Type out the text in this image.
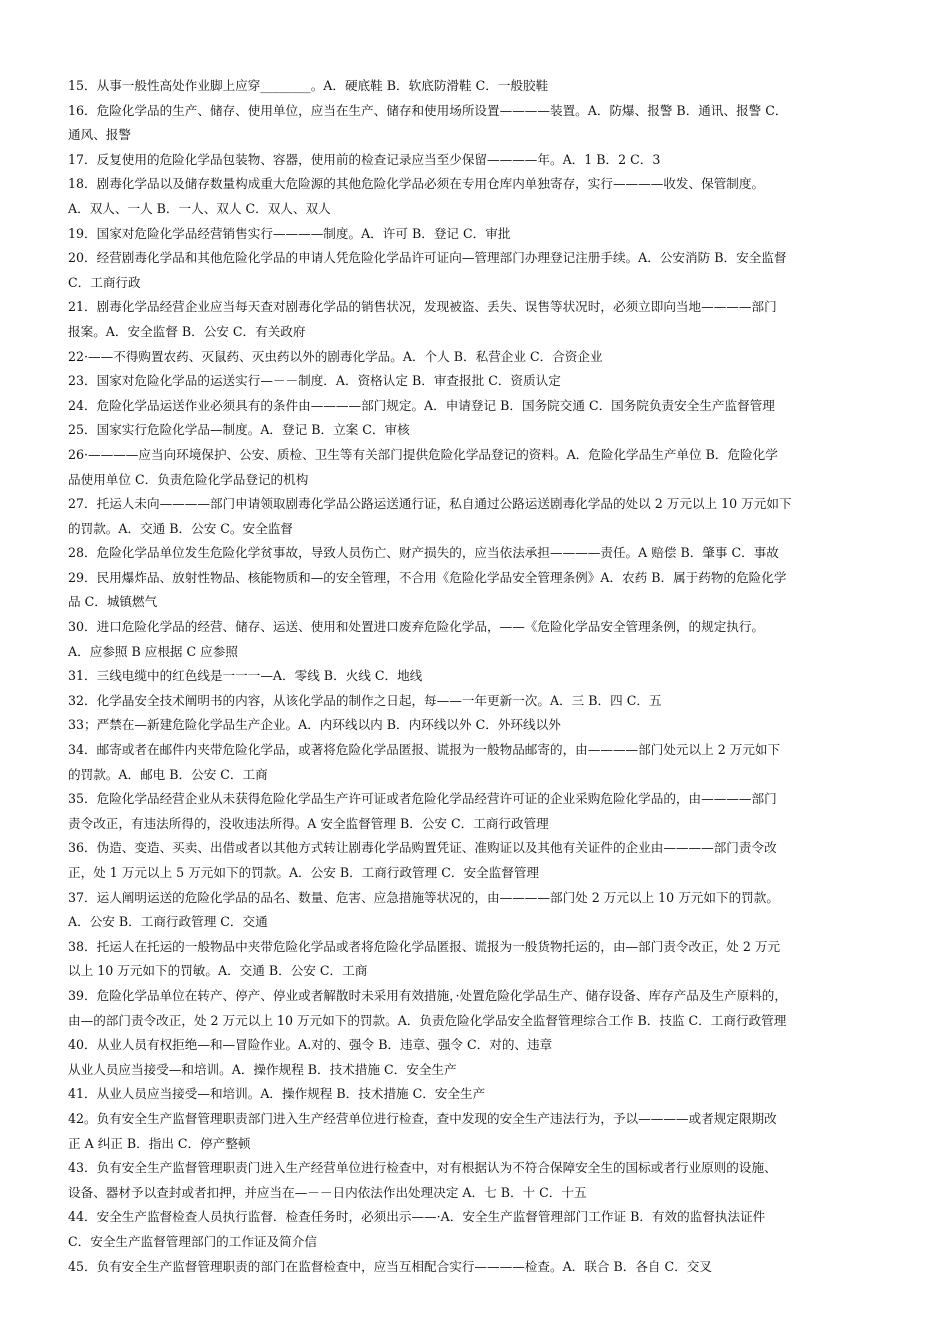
15．从事一般性高处作业脚上应穿________。A．硬底鞋 B．软底防滑鞋 C．一般胶鞋

16．危险化学品的生产、储存、使用单位，应当在生产、储存和使用场所设置————装置。A．防爆、报警 B．通讯、报警 C．

通风、报警

17．反复使用的危险化学品包装物、容器，使用前的检查记录应当至少保留————年。A．1 B．2 C．3

18．剧毒化学品以及储存数量构成重大危险源的其他危险化学品必须在专用仓库内单独寄存，实行————收发、保管制度。

A．双人、一人 B．一人、双人 C．双人、双人

19．国家对危险化学品经营销售实行————制度。A．许可 B．登记 C．审批

20．经营剧毒化学品和其他危险化学品的申请人凭危险化学品许可证向—管理部门办理登记注册手续。A．公安消防 B．安全监督

C．工商行政

21．剧毒化学品经营企业应当每天查对剧毒化学品的销售状况，发现被盗、丢失、误售等状况时，必须立即向当地————部门

报案。A．安全监督 B．公安 C．有关政府

22·——不得购置农药、灭鼠药、灭虫药以外的剧毒化学品。A．个人 B．私营企业 C．合资企业

23．国家对危险化学品的运送实行—－－制度．A．资格认定 B．审查报批 C．资质认定

24．危险化学品运送作业必须具有的条件由————部门规定。A．申请登记 B．国务院交通 C．国务院负责安全生产监督管理

25．国家实行危险化学品—制度。A．登记 B．立案 C．审核

26·————应当向环境保护、公安、质检、卫生等有关部门提供危险化学品登记的资料。A．危险化学品生产单位 B．危险化学

品使用单位 C．负责危险化学品登记的机构

27．托运人未向————部门申请领取剧毒化学品公路运送通行证，私自通过公路运送剧毒化学品的处以 2 万元以上 10 万元如下

的罚款。A．交通 B．公安 C。安全监督

28．危险化学品单位发生危险化学贫事故，导致人员伤亡、财产损失的，应当依法承担————责任。A 赔偿 B．肇事 C．事故

29．民用爆炸品、放射性物品、核能物质和—的安全管理，不合用《危险化学品安全管理条例》A．农药 B．属于药物的危险化学

品 C．城镇燃气

30．进口危险化学品的经营、储存、运送、使用和处置进口废弃危险化学品，——《危险化学品安全管理条例，的规定执行。

A．应参照 B 应根据 C 应参照

31．三线电缆中的红色线是一一一—A．零线 B．火线 C．地线

32．化学晶安全技术阐明书的内容，从该化学品的制作之日起，每——一年更新一次。A．三 B．四 C．五

33；严禁在—新建危险化学品生产企业。A．内环线以内 B．内环线以外 C．外环线以外

34．邮寄或者在邮件内夹带危险化学品，或著将危险化学品匿报、谎报为一般物品邮寄的，由————部门处元以上 2 万元如下

的罚款。A．邮电 B．公安 C．工商

35．危险化学品经营企业从未获得危险化学品生产许可证或者危险化学品经营许可证的企业采购危险化学品的，由————部门

责令改正，有违法所得的，没收违法所得。A 安全监督管理 B．公安 C．工商行政管理

36．伪造、变造、买卖、出借或者以其他方式转让剧毒化学品购置凭证、准购证以及其他有关证件的企业由————部门责令改

正，处 1 万元以上 5 万元如下的罚款。A．公安 B．工商行政管理 C．安全监督管理

37．运人阐明运送的危险化学品的品名、数量、危害、应急措施等状况的，由————部门处 2 万元以上 10 万元如下的罚款。

A．公安 B．工商行政管理 C．交通

38．托运人在托运的一般物品中夹带危险化学品或者将危险化学品匿报、谎报为一般货物托运的，由—部门责令改正，处 2 万元

以上 10 万元如下的罚敏。A．交通 B．公安 C．工商

39．危险化学品单位在转产、停产、停业或者解散时未采用有效措施，·处置危险化学品生产、储存设备、库存产品及生产原料的，

由—的部门责令改正，处 2 万元以上 10 万元如下的罚款。A．负责危险化学品安全监督管理综合工作 B．技监 C．工商行政管理

40．从业人员有权拒绝—和—冒险作业。A.对的、强令 B．违章、强令 C．对的、违章

从业人员应当接受—和培训。A．操作规程 B．技术措施 C．安全生产

41．从业人员应当接受—和培训。A．操作规程 B．技术措施 C．安全生产

42。负有安全生产监督管理职责部门进入生产经营单位进行检查，查中发现的安全生产违法行为，予以————或者规定限期改

正 A 纠正 B．指出 C．停产整顿

43．负有安全生产监督管理职责门进入生产经营单位进行检查中，对有根据认为不符合保障安全生的国标或者行业原则的设施、

设备、器材予以查封或者扣押，并应当在—－－日内依法作出处理决定 A．七 B．十 C．十五

44．安全生产监督检查人员执行监督．检查任务时，必须出示——·A．安全生产监督管理部门工作证 B．有效的监督执法证件

C．安全生产监督管理部门的工作证及简介信

45．负有安全生产监督管理职责的部门在监督检查中，应当互相配合实行————检查。A．联合 B．各自 C．交叉
